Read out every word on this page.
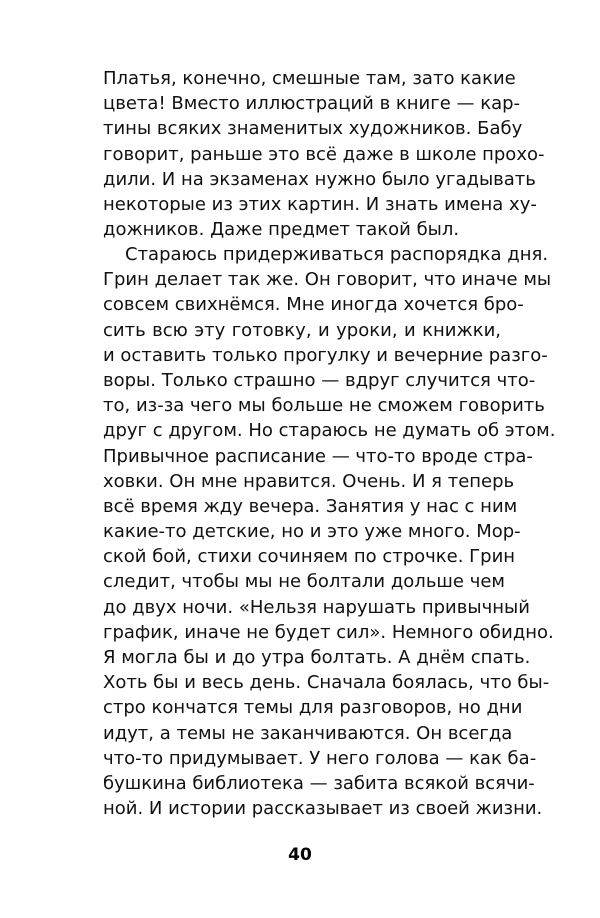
Платья, конечно, смешные там, зато какие
цвета! Вместо иллюстраций в книге — кар-
тины всяких знаменитых художников. Бабу
говорит, раньше это всё даже в школе прохо-
дили. И на экзаменах нужно было угадывать
некоторые из этих картин. И знать имена ху-
дожников. Даже предмет такой был.
Стараюсь придерживаться распорядка дня.
Грин делает так же. Он говорит, что иначе мы
совсем свихнёмся. Мне иногда хочется бро-
сить всю эту готовку, и уроки, и книжки,
и оставить только прогулку и вечерние разго-
воры. Только страшно — вдруг случится что-
то, из-за чего мы больше не сможем говорить
друг с другом. Но стараюсь не думать об этом.
Привычное расписание — что-то вроде стра-
ховки. Он мне нравится. Очень. И я теперь
всё время жду вечера. Занятия у нас с ним
какие-то детские, но и это уже много. Мор-
ской бой, стихи сочиняем по строчке. Грин
следит, чтобы мы не болтали дольше чем
до двух ночи. «Нельзя нарушать привычный
график, иначе не будет сил». Немного обидно.
Я могла бы и до утра болтать. А днём спать.
Хоть бы и весь день. Сначала боялась, что бы-
стро кончатся темы для разговоров, но дни
идут, а темы не заканчиваются. Он всегда
что-то придумывает. У него голова — как ба-
бушкина библиотека — забита всякой всячи-
ной. И истории рассказывает из своей жизни.
40
